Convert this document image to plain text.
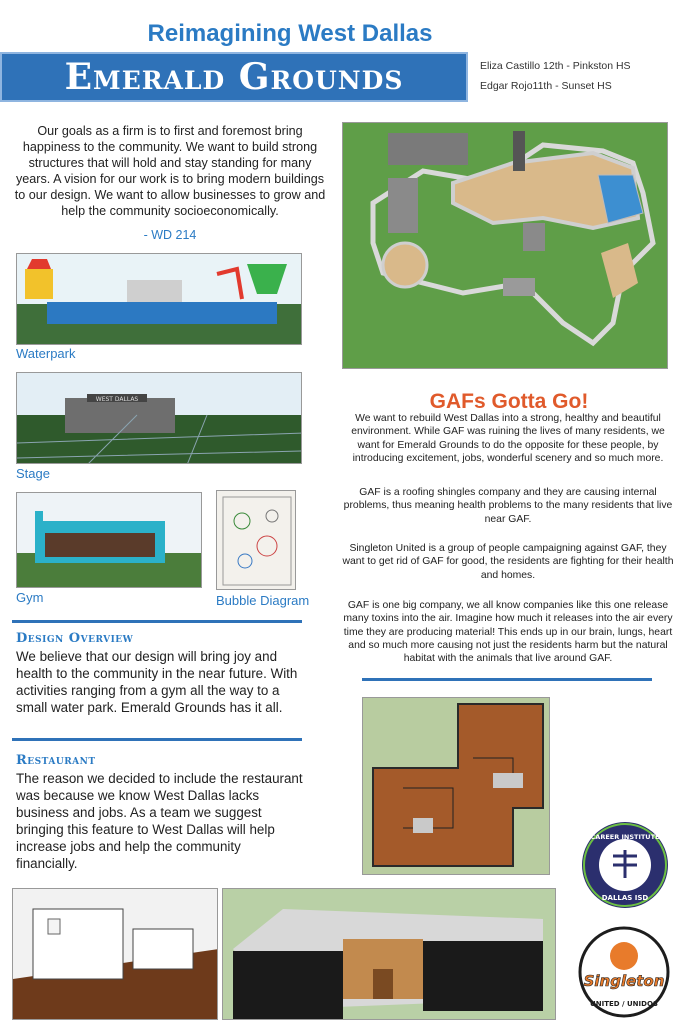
Reimagining West Dallas
Emerald Grounds	Eliza Castillo 12th - Pinkston HS
Edgar Rojo11th - Sunset HS
Our goals as a firm is to first and foremost bring happiness to the community. We want to build strong structures that will hold and stay standing for many years. A vision for our work is to bring modern buildings to our design. We want to allow businesses to grow and help the community socioeconomically.
- WD 214
Waterpark
WEST DALLAS
Stage
Gym	Bubble Diagram
Design Overview
We believe that our design will bring joy and health to the community in the near future. With activities ranging from a gym all the way to a small water park. Emerald Grounds has it all.
Restaurant
The reason we decided to include the restaurant was because we know West Dallas lacks business and jobs. As a team we suggest bringing this feature to West Dallas will help increase jobs and help the community financially.
GAFs Gotta Go!
We want to rebuild West Dallas into a strong, healthy and beautiful environment. While GAF was ruining the lives of many residents, we want for Emerald Grounds to do the opposite for these people, by introducing excitement, jobs, wonderful scenery and so much more.
GAF is a roofing shingles company and they are causing internal problems, thus meaning health problems to the many residents that live near GAF.
Singleton United is a group of people campaigning against GAF, they want to get rid of GAF for good, the residents are fighting for their health and homes.
GAF is one big company, we all know companies like this one release many toxins into the air. Imagine how much it releases into the air every time they are producing material! This ends up in our brain, lungs, heart and so much more causing not just the residents harm but the natural habitat with the animals that live around GAF.
CAREER INSTITUTE
DALLAS ISD
Singleton
UNITED / UNIDOS
